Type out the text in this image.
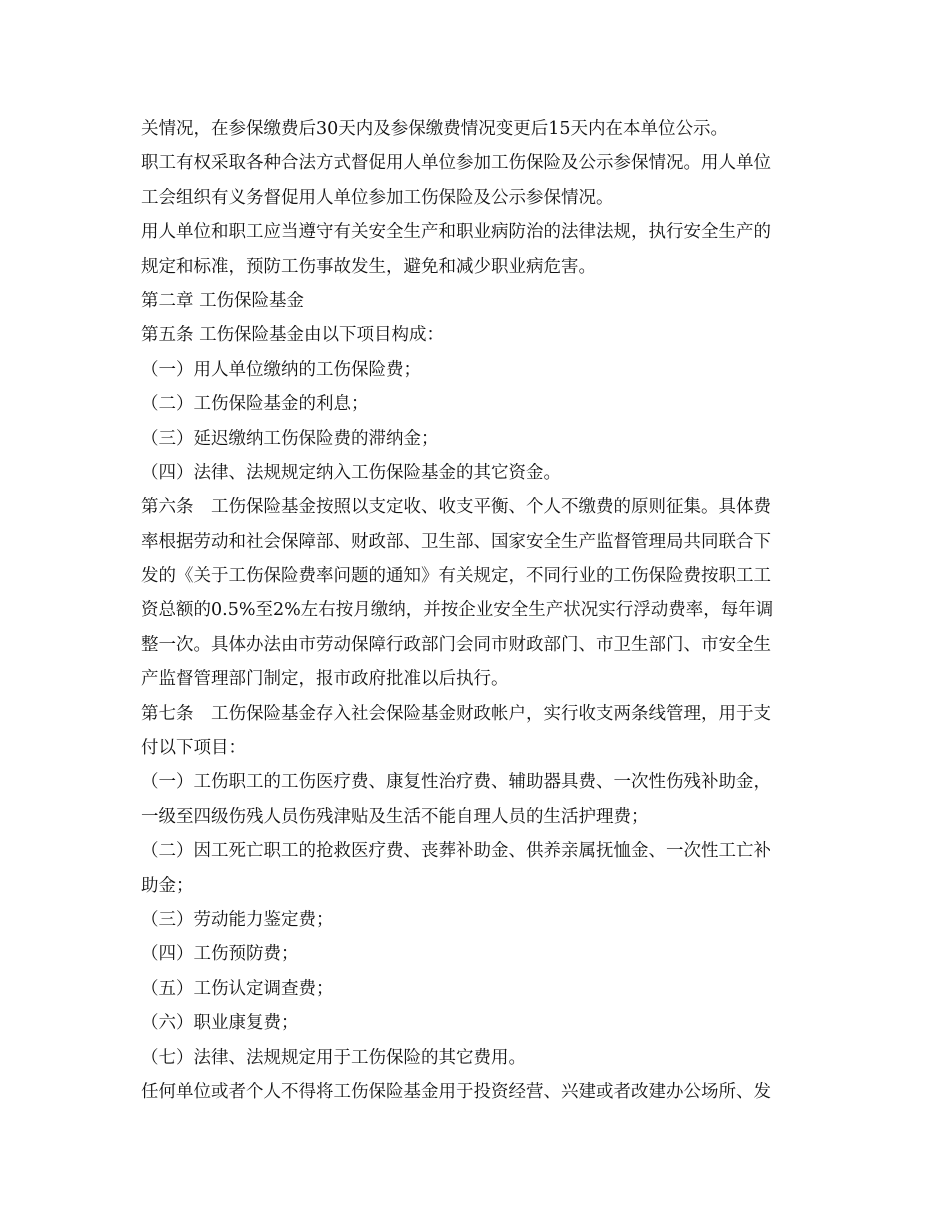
关情况，在参保缴费后30天内及参保缴费情况变更后15天内在本单位公示。
职工有权采取各种合法方式督促用人单位参加工伤保险及公示参保情况。用人单位
工会组织有义务督促用人单位参加工伤保险及公示参保情况。
用人单位和职工应当遵守有关安全生产和职业病防治的法律法规，执行安全生产的
规定和标准，预防工伤事故发生，避免和减少职业病危害。
第二章 工伤保险基金
第五条 工伤保险基金由以下项目构成：
（一）用人单位缴纳的工伤保险费；
（二）工伤保险基金的利息；
（三）延迟缴纳工伤保险费的滞纳金；
（四）法律、法规规定纳入工伤保险基金的其它资金。
第六条　工伤保险基金按照以支定收、收支平衡、个人不缴费的原则征集。具体费
率根据劳动和社会保障部、财政部、卫生部、国家安全生产监督管理局共同联合下
发的《关于工伤保险费率问题的通知》有关规定，不同行业的工伤保险费按职工工
资总额的0.5%至2%左右按月缴纳，并按企业安全生产状况实行浮动费率，每年调
整一次。具体办法由市劳动保障行政部门会同市财政部门、市卫生部门、市安全生
产监督管理部门制定，报市政府批准以后执行。
第七条　工伤保险基金存入社会保险基金财政帐户，实行收支两条线管理，用于支
付以下项目：
（一）工伤职工的工伤医疗费、康复性治疗费、辅助器具费、一次性伤残补助金，
一级至四级伤残人员伤残津贴及生活不能自理人员的生活护理费；
（二）因工死亡职工的抢救医疗费、丧葬补助金、供养亲属抚恤金、一次性工亡补
助金；
（三）劳动能力鉴定费；
（四）工伤预防费；
（五）工伤认定调查费；
（六）职业康复费；
（七）法律、法规规定用于工伤保险的其它费用。
任何单位或者个人不得将工伤保险基金用于投资经营、兴建或者改建办公场所、发
